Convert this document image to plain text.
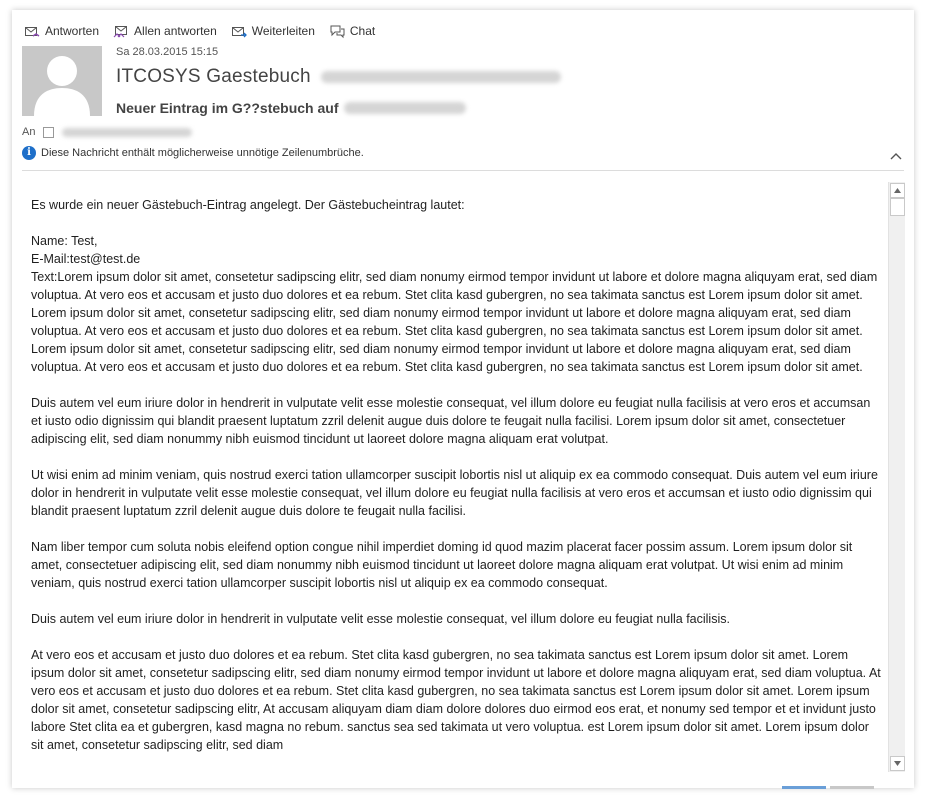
Antworten	Allen antworten	Weiterleiten	Chat
Sa 28.03.2015 15:15
ITCOSYS Gaestebuch
Neuer Eintrag im G??stebuch auf
An
i Diese Nachricht enthält möglicherweise unnötige Zeilenumbrüche.

Es wurde ein neuer Gästebuch-Eintrag angelegt. Der Gästebucheintrag lautet:

Name: Test,
E-Mail:test@test.de

Text:Lorem ipsum dolor sit amet, consetetur sadipscing elitr, sed diam nonumy eirmod tempor invidunt ut labore et dolore magna aliquyam erat, sed diam voluptua. At vero eos et accusam et justo duo dolores et ea rebum. Stet clita kasd gubergren, no sea takimata sanctus est Lorem ipsum dolor sit amet. Lorem ipsum dolor sit amet, consetetur sadipscing elitr, sed diam nonumy eirmod tempor invidunt ut labore et dolore magna aliquyam erat, sed diam voluptua. At vero eos et accusam et justo duo dolores et ea rebum. Stet clita kasd gubergren, no sea takimata sanctus est Lorem ipsum dolor sit amet. Lorem ipsum dolor sit amet, consetetur sadipscing elitr, sed diam nonumy eirmod tempor invidunt ut labore et dolore magna aliquyam erat, sed diam voluptua. At vero eos et accusam et justo duo dolores et ea rebum. Stet clita kasd gubergren, no sea takimata sanctus est Lorem ipsum dolor sit amet.

Duis autem vel eum iriure dolor in hendrerit in vulputate velit esse molestie consequat, vel illum dolore eu feugiat nulla facilisis at vero eros et accumsan et iusto odio dignissim qui blandit praesent luptatum zzril delenit augue duis dolore te feugait nulla facilisi. Lorem ipsum dolor sit amet, consectetuer adipiscing elit, sed diam nonummy nibh euismod tincidunt ut laoreet dolore magna aliquam erat volutpat.

Ut wisi enim ad minim veniam, quis nostrud exerci tation ullamcorper suscipit lobortis nisl ut aliquip ex ea commodo consequat. Duis autem vel eum iriure dolor in hendrerit in vulputate velit esse molestie consequat, vel illum dolore eu feugiat nulla facilisis at vero eros et accumsan et iusto odio dignissim qui blandit praesent luptatum zzril delenit augue duis dolore te feugait nulla facilisi.

Nam liber tempor cum soluta nobis eleifend option congue nihil imperdiet doming id quod mazim placerat facer possim assum. Lorem ipsum dolor sit amet, consectetuer adipiscing elit, sed diam nonummy nibh euismod tincidunt ut laoreet dolore magna aliquam erat volutpat. Ut wisi enim ad minim veniam, quis nostrud exerci tation ullamcorper suscipit lobortis nisl ut aliquip ex ea commodo consequat.

Duis autem vel eum iriure dolor in hendrerit in vulputate velit esse molestie consequat, vel illum dolore eu feugiat nulla facilisis.

At vero eos et accusam et justo duo dolores et ea rebum. Stet clita kasd gubergren, no sea takimata sanctus est Lorem ipsum dolor sit amet. Lorem ipsum dolor sit amet, consetetur sadipscing elitr, sed diam nonumy eirmod tempor invidunt ut labore et dolore magna aliquyam erat, sed diam voluptua. At vero eos et accusam et justo duo dolores et ea rebum. Stet clita kasd gubergren, no sea takimata sanctus est Lorem ipsum dolor sit amet. Lorem ipsum dolor sit amet, consetetur sadipscing elitr, At accusam aliquyam diam diam dolore dolores duo eirmod eos erat, et nonumy sed tempor et et invidunt justo labore Stet clita ea et gubergren, kasd magna no rebum. sanctus sea sed takimata ut vero voluptua. est Lorem ipsum dolor sit amet. Lorem ipsum dolor sit amet, consetetur sadipscing elitr, sed diam
